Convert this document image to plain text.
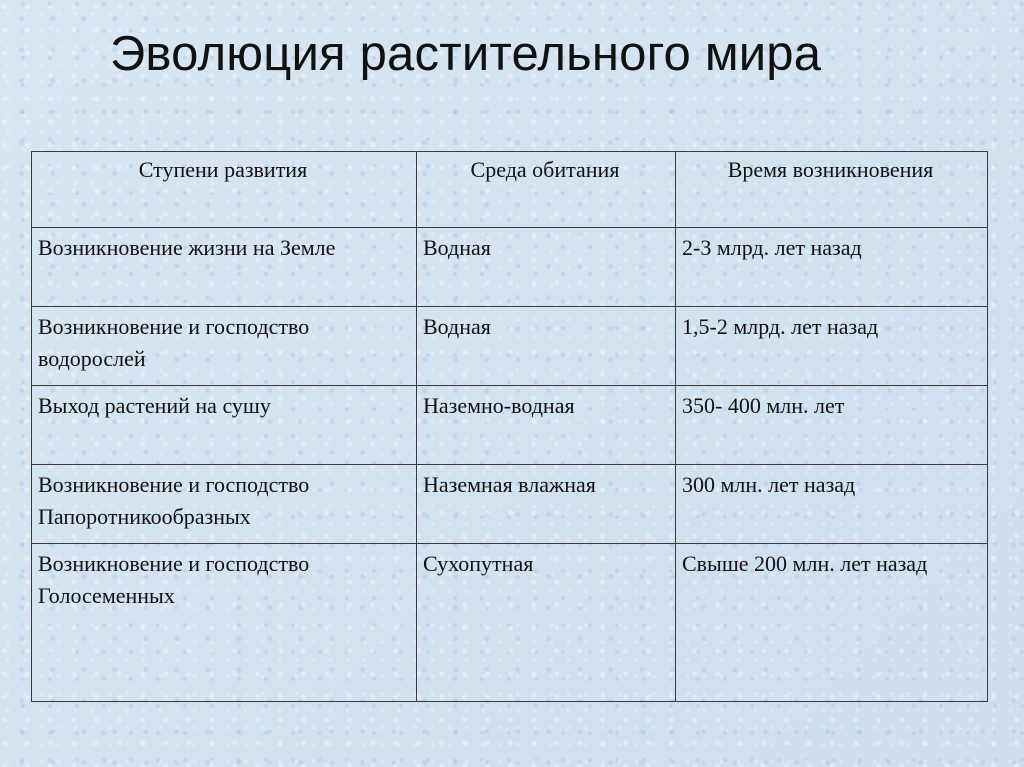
Эволюция растительного мира
Ступени развития	Среда обитания	Время возникновения
Возникновение жизни на Земле	Водная	2-3 млрд. лет назад
Возникновение и господство водорослей	Водная	1,5-2 млрд. лет назад
Выход растений на сушу	Наземно-водная	350- 400 млн. лет
Возникновение и господство Папоротникообразных	Наземная влажная	300 млн. лет назад
Возникновение и господство Голосеменных	Сухопутная	Свыше 200 млн. лет назад
